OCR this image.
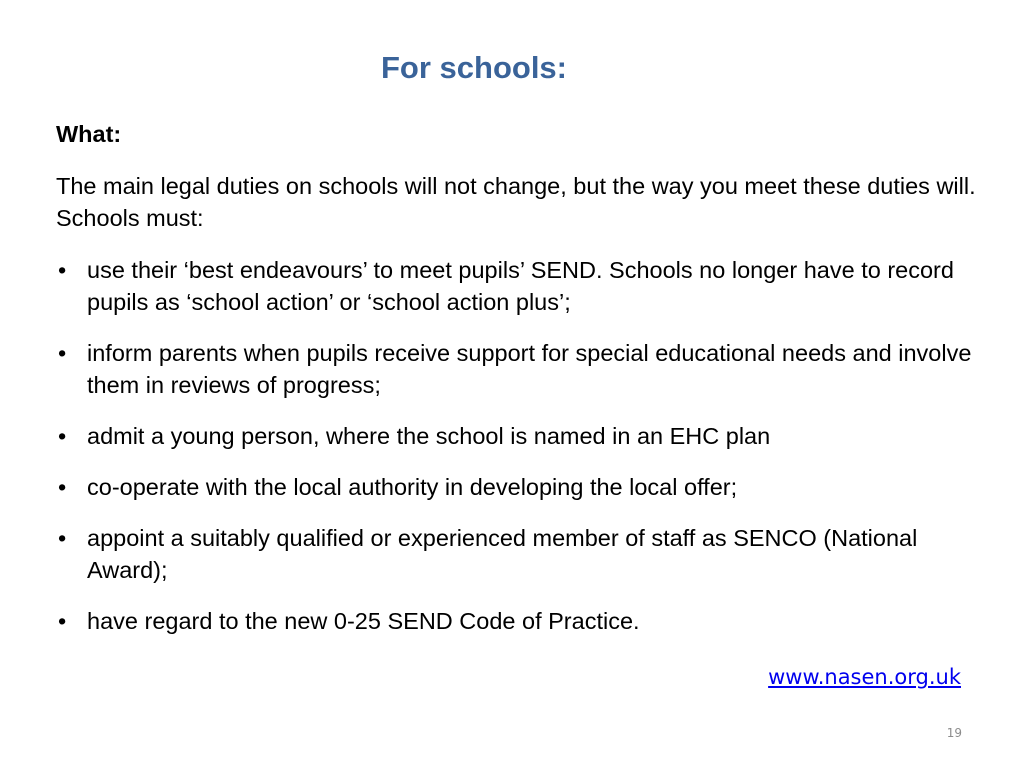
For schools:

What:

The main legal duties on schools will not change, but the way you meet these duties will. Schools must:

• use their ‘best endeavours’ to meet pupils’ SEND. Schools no longer have to record pupils as ‘school action’ or ‘school action plus’;
• inform parents when pupils receive support for special educational needs and involve them in reviews of progress;
• admit a young person, where the school is named in an EHC plan
• co-operate with the local authority in developing the local offer;
• appoint a suitably qualified or experienced member of staff as SENCO (National Award);
• have regard to the new 0-25 SEND Code of Practice.
www.nasen.org.uk
19
